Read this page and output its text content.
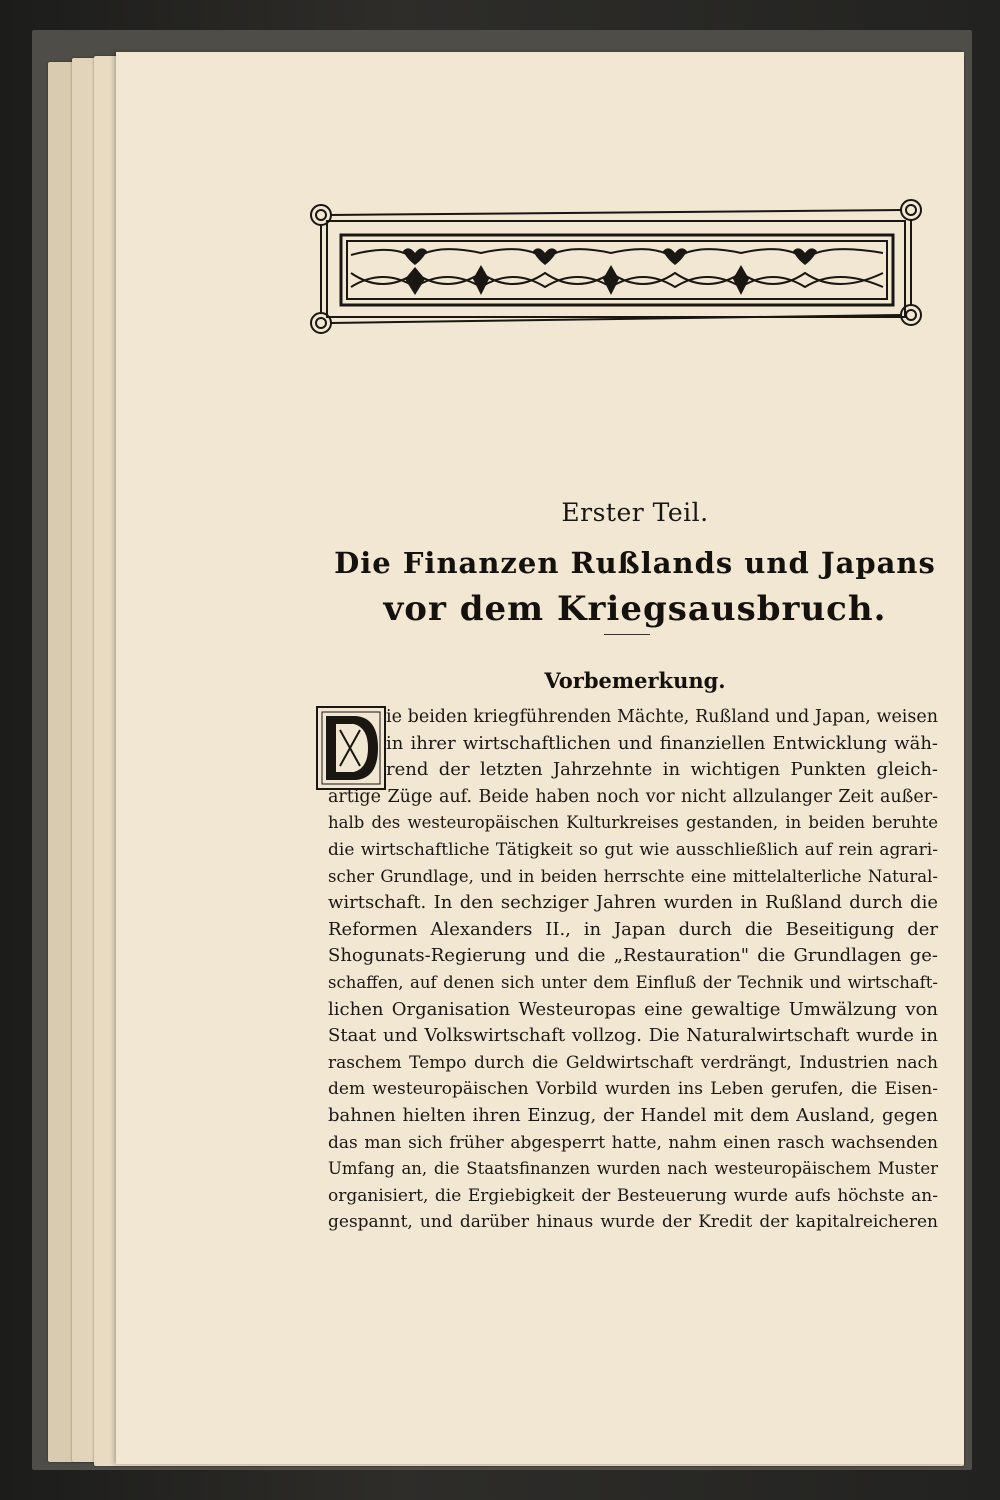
Erster Teil.
Die Finanzen Rußlands und Japans
vor dem Kriegsausbruch.
Vorbemerkung.
D
ie beiden kriegführenden Mächte, Rußland und Japan, weisen
in ihrer wirtschaftlichen und finanziellen Entwicklung wäh-
rend der letzten Jahrzehnte in wichtigen Punkten gleich-
artige Züge auf. Beide haben noch vor nicht allzulanger Zeit außer-
halb des westeuropäischen Kulturkreises gestanden, in beiden beruhte
die wirtschaftliche Tätigkeit so gut wie ausschließlich auf rein agrari-
scher Grundlage, und in beiden herrschte eine mittelalterliche Natural-
wirtschaft. In den sechziger Jahren wurden in Rußland durch die
Reformen Alexanders II., in Japan durch die Beseitigung der
Shogunats-Regierung und die „Restauration" die Grundlagen ge-
schaffen, auf denen sich unter dem Einfluß der Technik und wirtschaft-
lichen Organisation Westeuropas eine gewaltige Umwälzung von
Staat und Volkswirtschaft vollzog. Die Naturalwirtschaft wurde in
raschem Tempo durch die Geldwirtschaft verdrängt, Industrien nach
dem westeuropäischen Vorbild wurden ins Leben gerufen, die Eisen-
bahnen hielten ihren Einzug, der Handel mit dem Ausland, gegen
das man sich früher abgesperrt hatte, nahm einen rasch wachsenden
Umfang an, die Staatsfinanzen wurden nach westeuropäischem Muster
organisiert, die Ergiebigkeit der Besteuerung wurde aufs höchste an-
gespannt, und darüber hinaus wurde der Kredit der kapitalreicheren
